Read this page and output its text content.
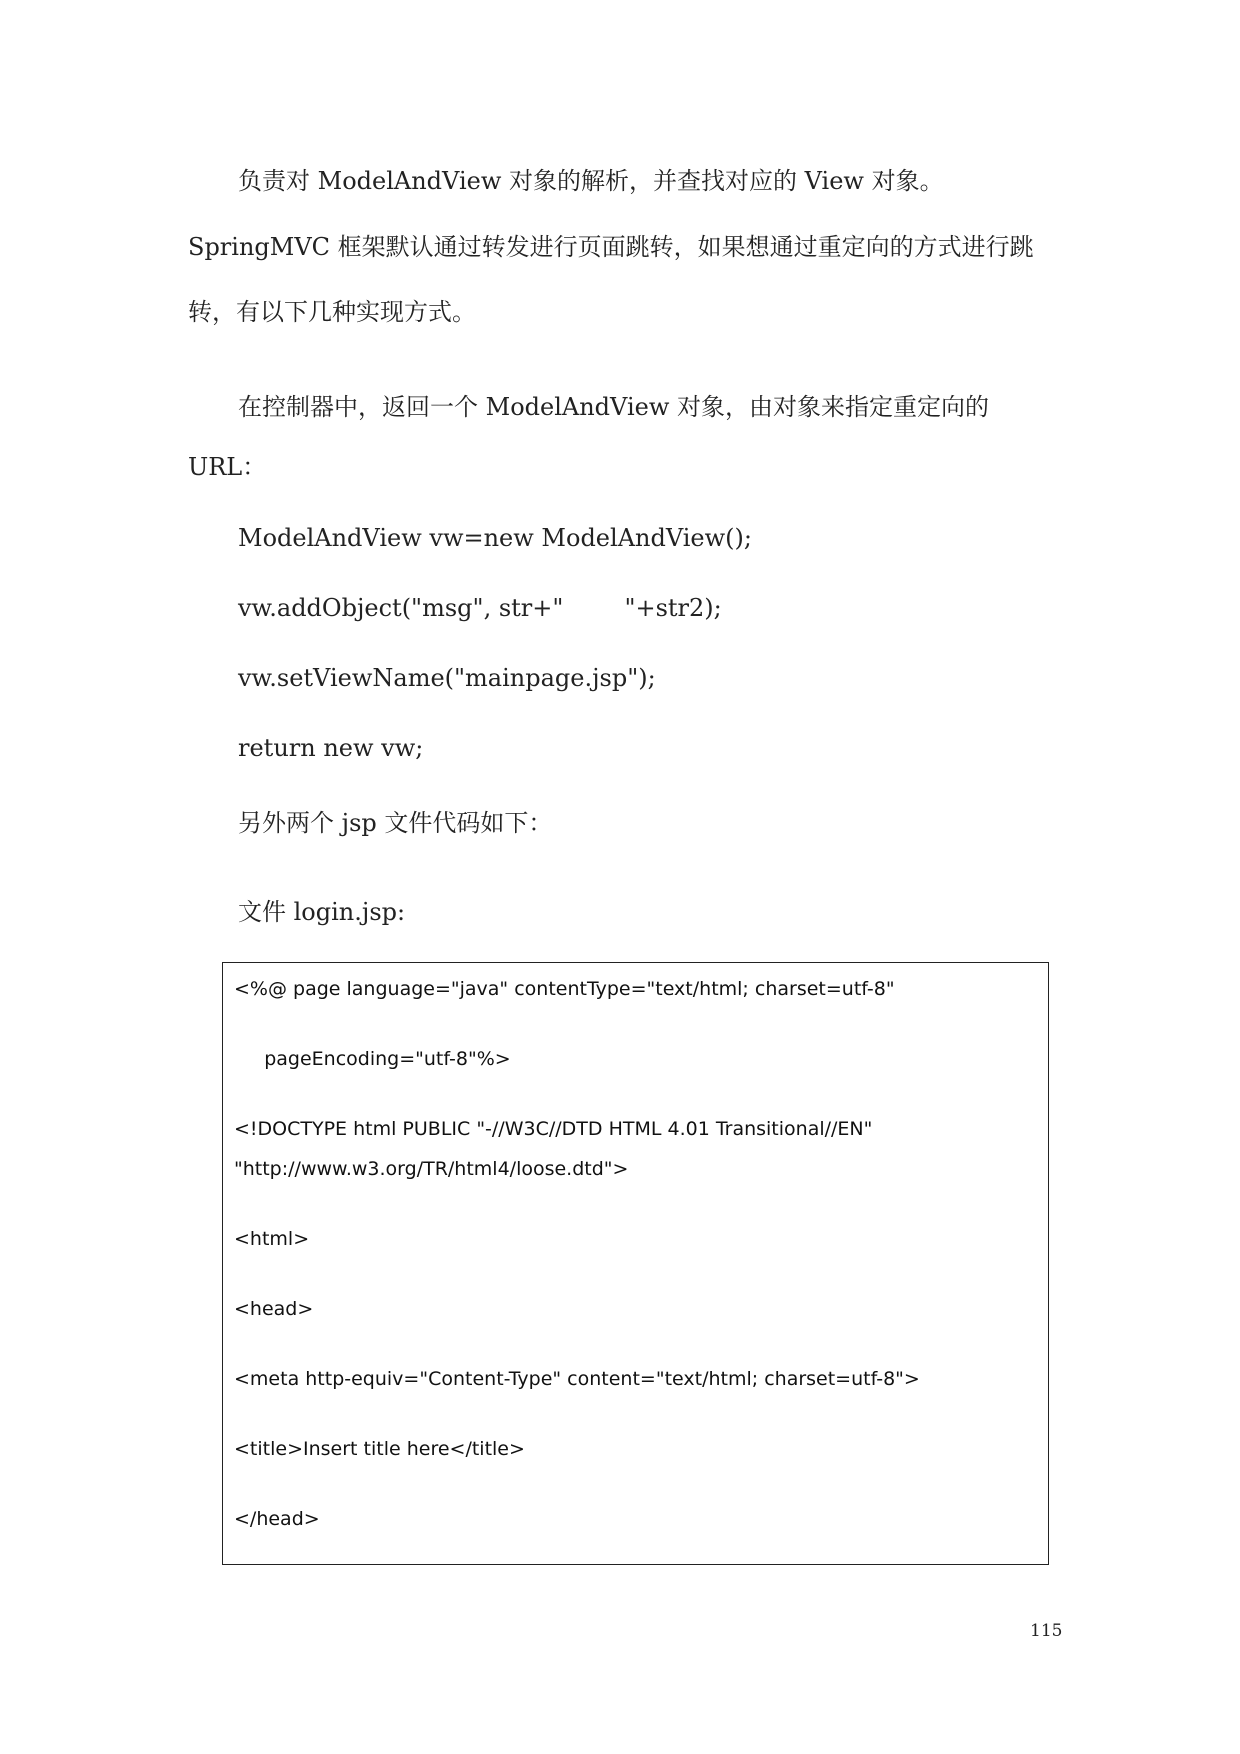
负责对 ModelAndView 对象的解析，并查找对应的 View 对象。
SpringMVC 框架默认通过转发进行页面跳转，如果想通过重定向的方式进行跳
转，有以下几种实现方式。
在控制器中，返回一个 ModelAndView 对象，由对象来指定重定向的
URL：
ModelAndView vw=new ModelAndView();
vw.addObject("msg", str+"        "+str2);
vw.setViewName("mainpage.jsp");
return new vw;
另外两个 jsp 文件代码如下：
文件 login.jsp:
<%@ page language="java" contentType="text/html; charset=utf-8"
pageEncoding="utf-8"%>
<!DOCTYPE html PUBLIC "-//W3C//DTD HTML 4.01 Transitional//EN"
"http://www.w3.org/TR/html4/loose.dtd">
<html>
<head>
<meta http-equiv="Content-Type" content="text/html; charset=utf-8">
<title>Insert title here</title>
</head>
115
